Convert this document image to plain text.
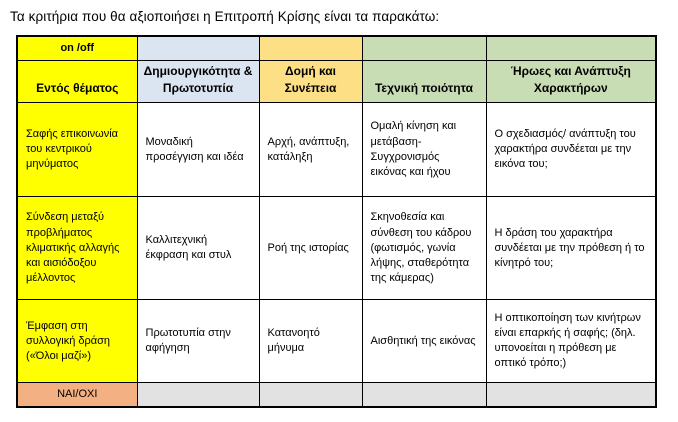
Τα κριτήρια που θα αξιοποιήσει η Επιτροπή Κρίσης είναι τα παρακάτω:

on /off				
Εντός θέματος	Δημιουργικότητα & Πρωτοτυπία	Δομή και Συνέπεια	Τεχνική ποιότητα	Ήρωες και Ανάπτυξη Χαρακτήρων
Σαφής επικοινωνία του κεντρικού μηνύματος	Μοναδική προσέγγιση και ιδέα	Αρχή, ανάπτυξη, κατάληξη	Ομαλή κίνηση και μετάβαση-Συγχρονισμός εικόνας και ήχου	Ο σχεδιασμός/ ανάπτυξη του χαρακτήρα συνδέεται με την εικόνα του;
Σύνδεση μεταξύ προβλήματος κλιματικής αλλαγής και αισιόδοξου μέλλοντος	Καλλιτεχνική έκφραση και στυλ	Ροή της ιστορίας	Σκηνοθεσία και σύνθεση του κάδρου (φωτισμός, γωνία λήψης, σταθερότητα της κάμερας)	Η δράση του χαρακτήρα συνδέεται με την πρόθεση ή το κίνητρό του;
Έμφαση στη συλλογική δράση («Όλοι μαζί»)	Πρωτοτυπία στην αφήγηση	Κατανοητό μήνυμα	Αισθητική της εικόνας	Η οπτικοποίηση των κινήτρων είναι επαρκής ή σαφής; (δηλ. υπονοείται η πρόθεση με οπτικό τρόπο;)
ΝΑΙ/ΟΧΙ				
